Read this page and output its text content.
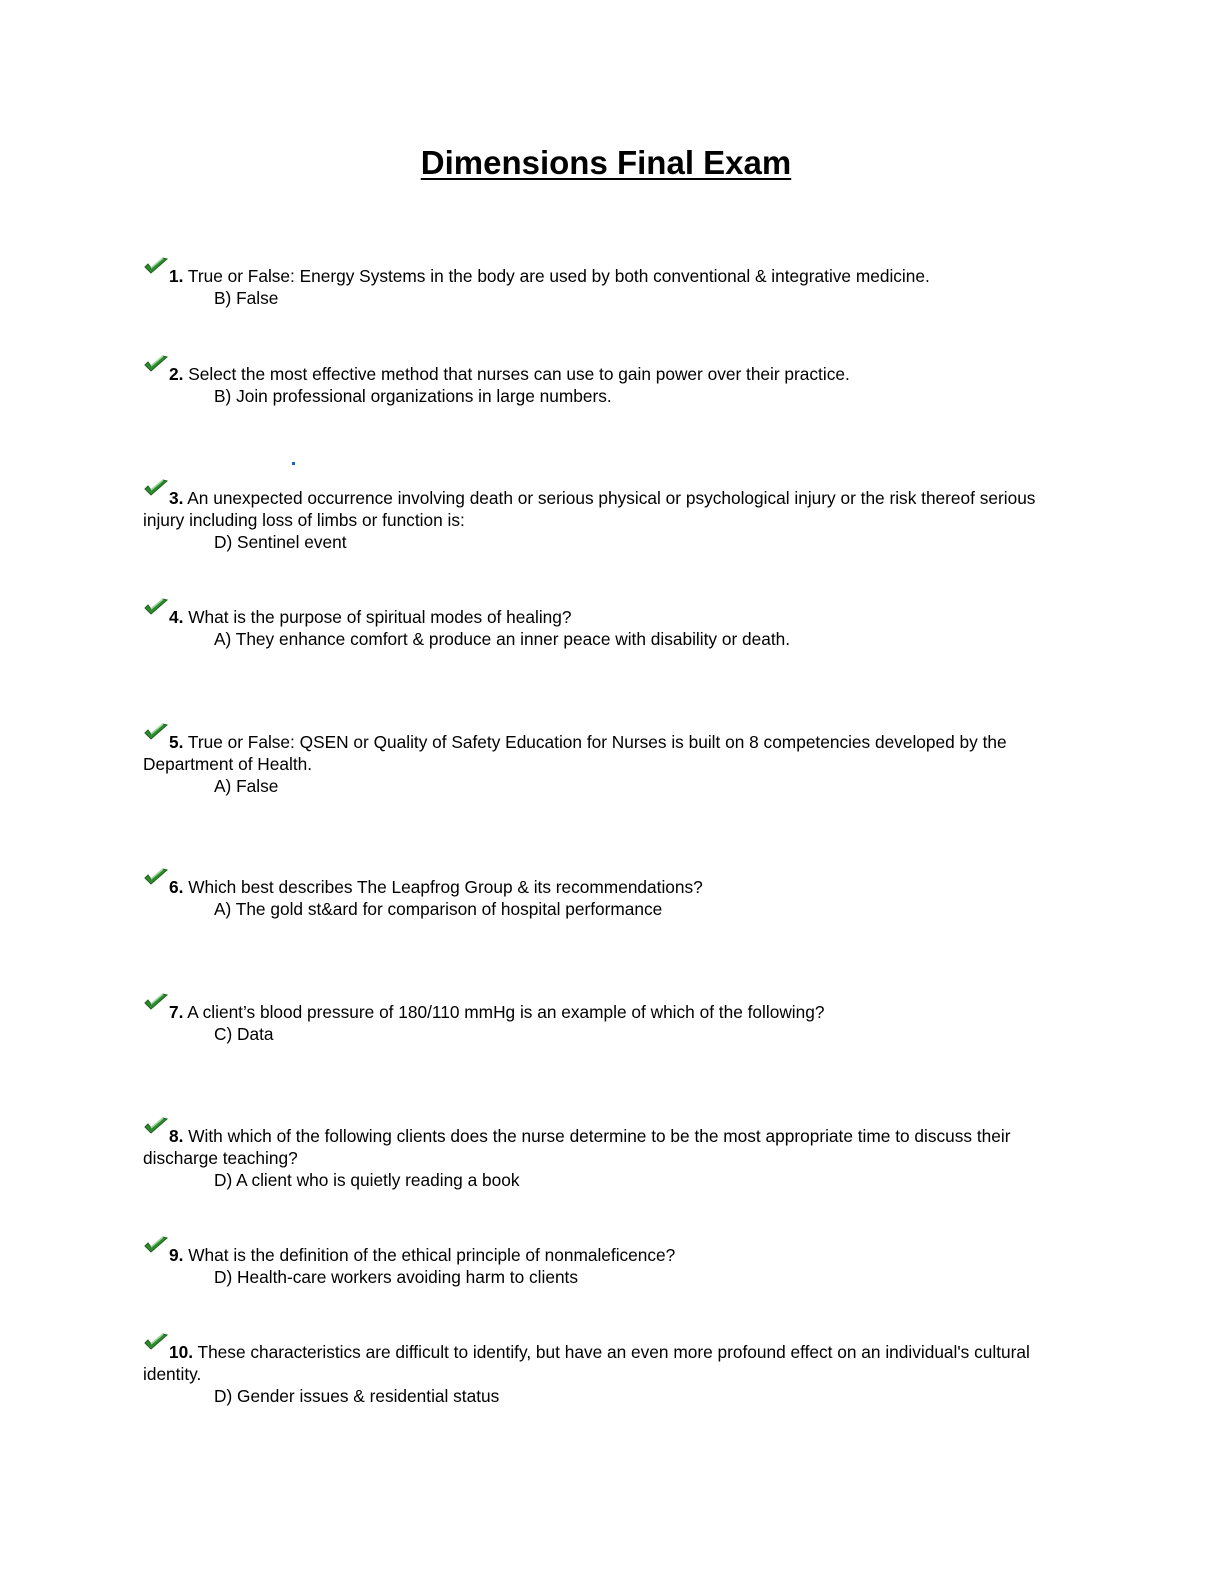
Dimensions Final Exam
1. True or False: Energy Systems in the body are used by both conventional & integrative medicine.
B) False
2. Select the most effective method that nurses can use to gain power over their practice.
B) Join professional organizations in large numbers.
3. An unexpected occurrence involving death or serious physical or psychological injury or the risk thereof serious injury including loss of limbs or function is:
D) Sentinel event
4. What is the purpose of spiritual modes of healing?
A) They enhance comfort & produce an inner peace with disability or death.
5. True or False: QSEN or Quality of Safety Education for Nurses is built on 8 competencies developed by the Department of Health.
A) False
6. Which best describes The Leapfrog Group & its recommendations?
A) The gold st&ard for comparison of hospital performance
7. A client’s blood pressure of 180/110 mmHg is an example of which of the following?
C) Data
8. With which of the following clients does the nurse determine to be the most appropriate time to discuss their discharge teaching?
D) A client who is quietly reading a book
9. What is the definition of the ethical principle of nonmaleficence?
D) Health-care workers avoiding harm to clients
10. These characteristics are difficult to identify, but have an even more profound effect on an individual's cultural identity.
D) Gender issues & residential status
